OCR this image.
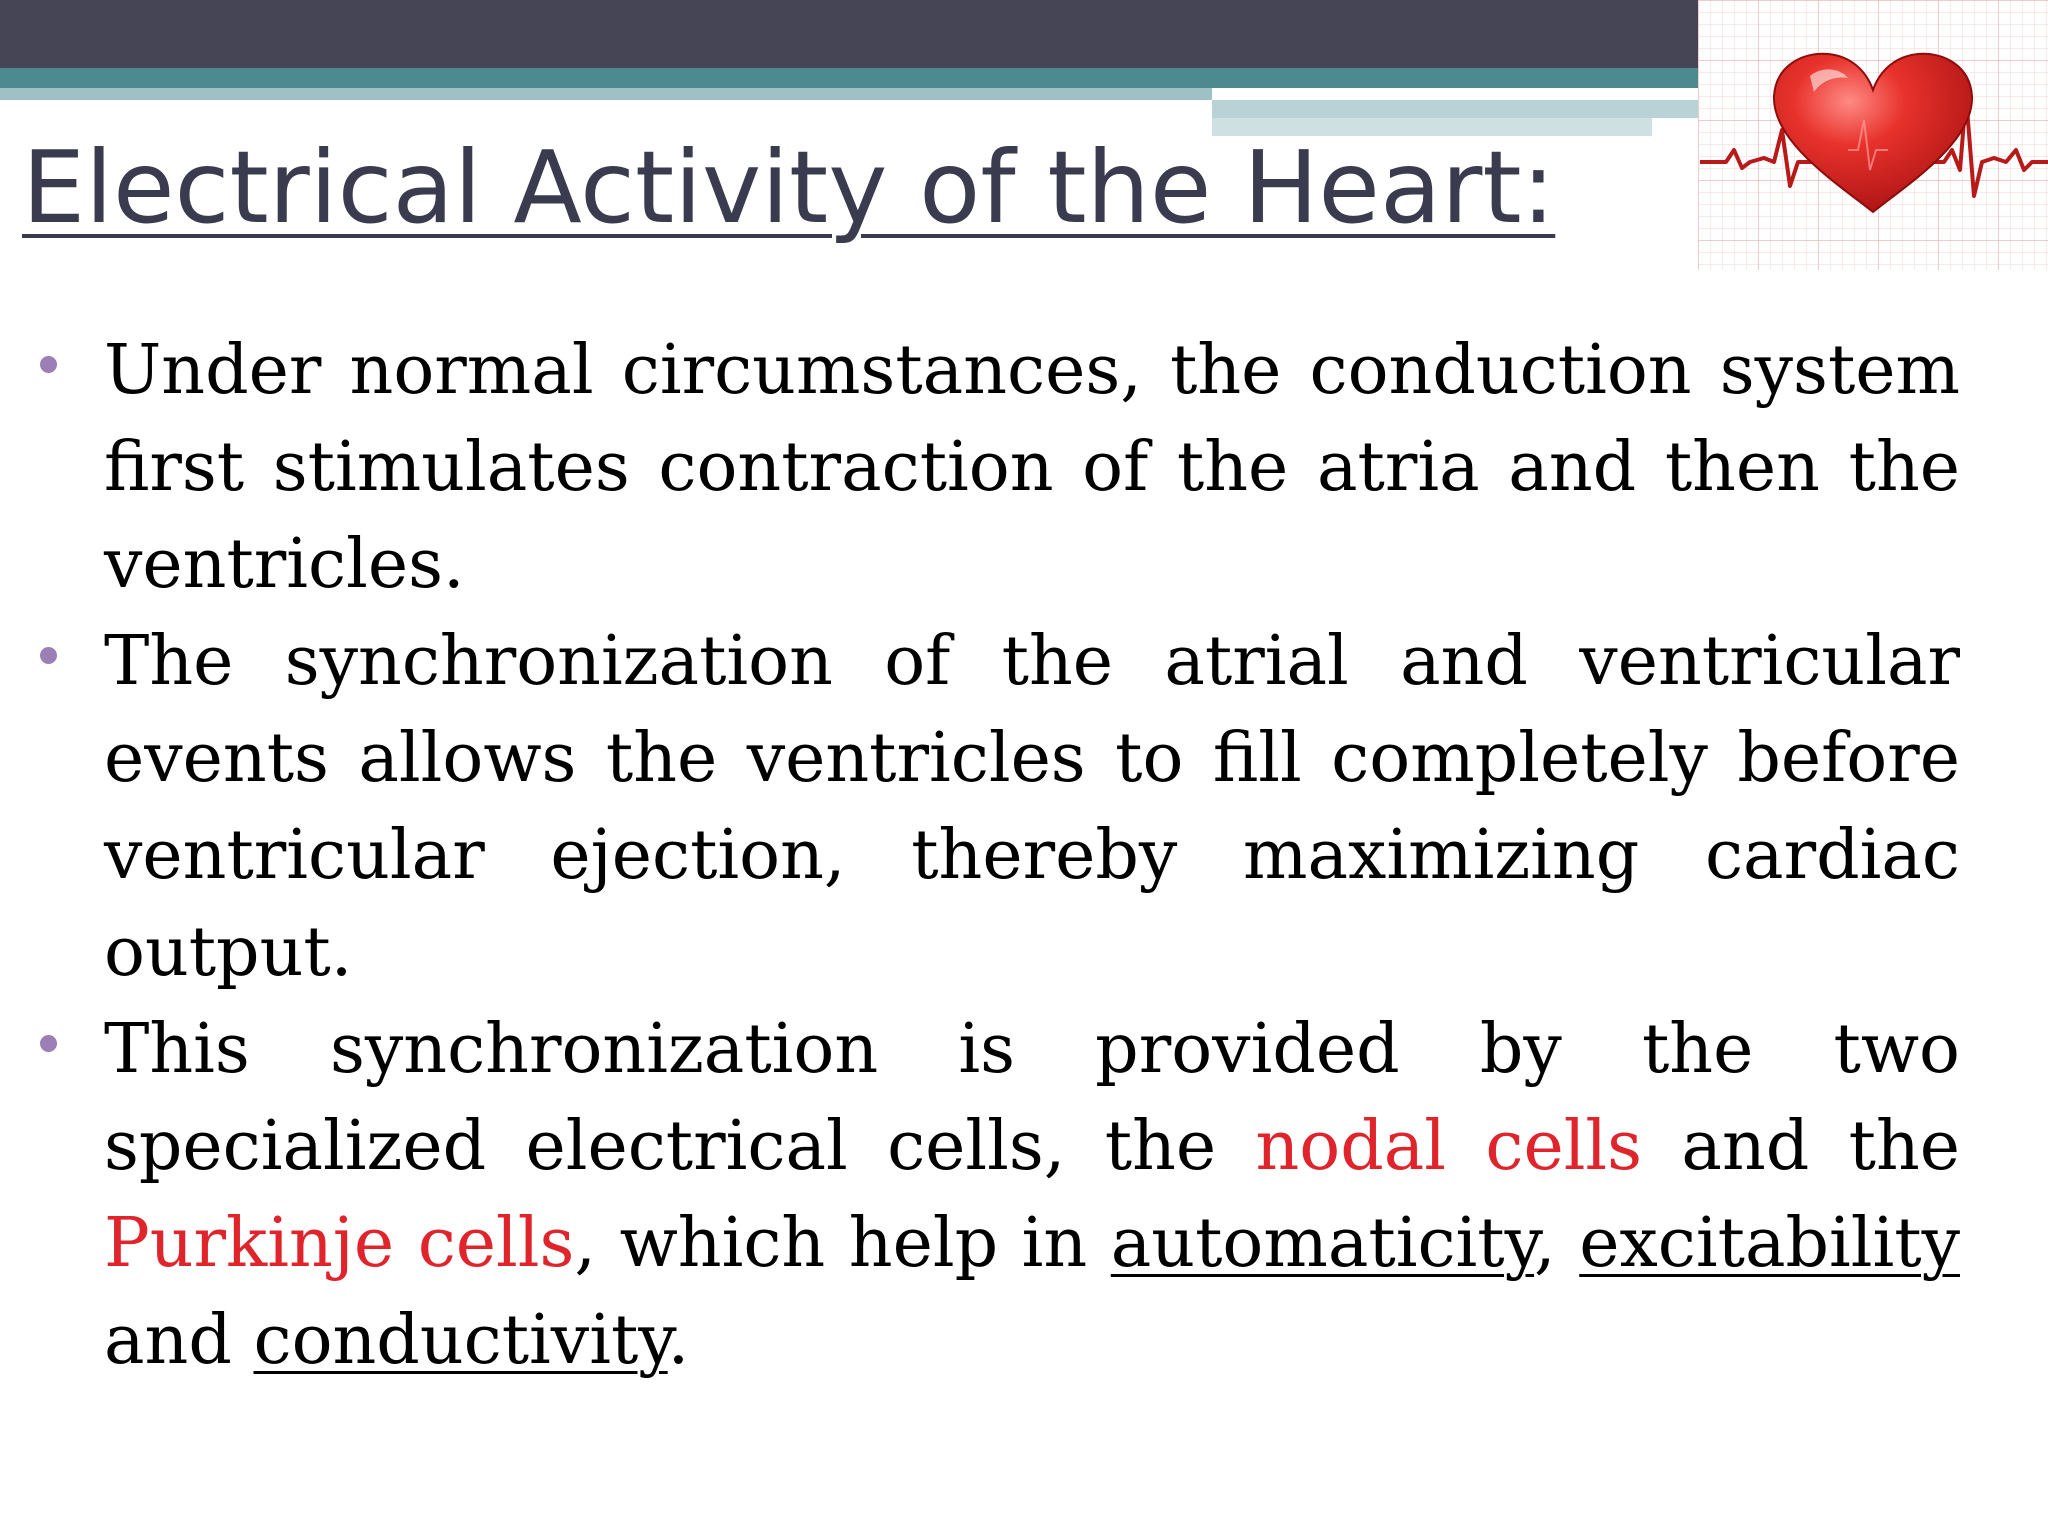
Electrical Activity of the Heart:
Under normal circumstances, the conduction system first stimulates contraction of the atria and then the ventricles.
The synchronization of the atrial and ventricular events allows the ventricles to fill completely before ventricular ejection, thereby maximizing cardiac output.
This synchronization is provided by the two specialized electrical cells, the nodal cells and the Purkinje cells, which help in automaticity, excitability and conductivity.
